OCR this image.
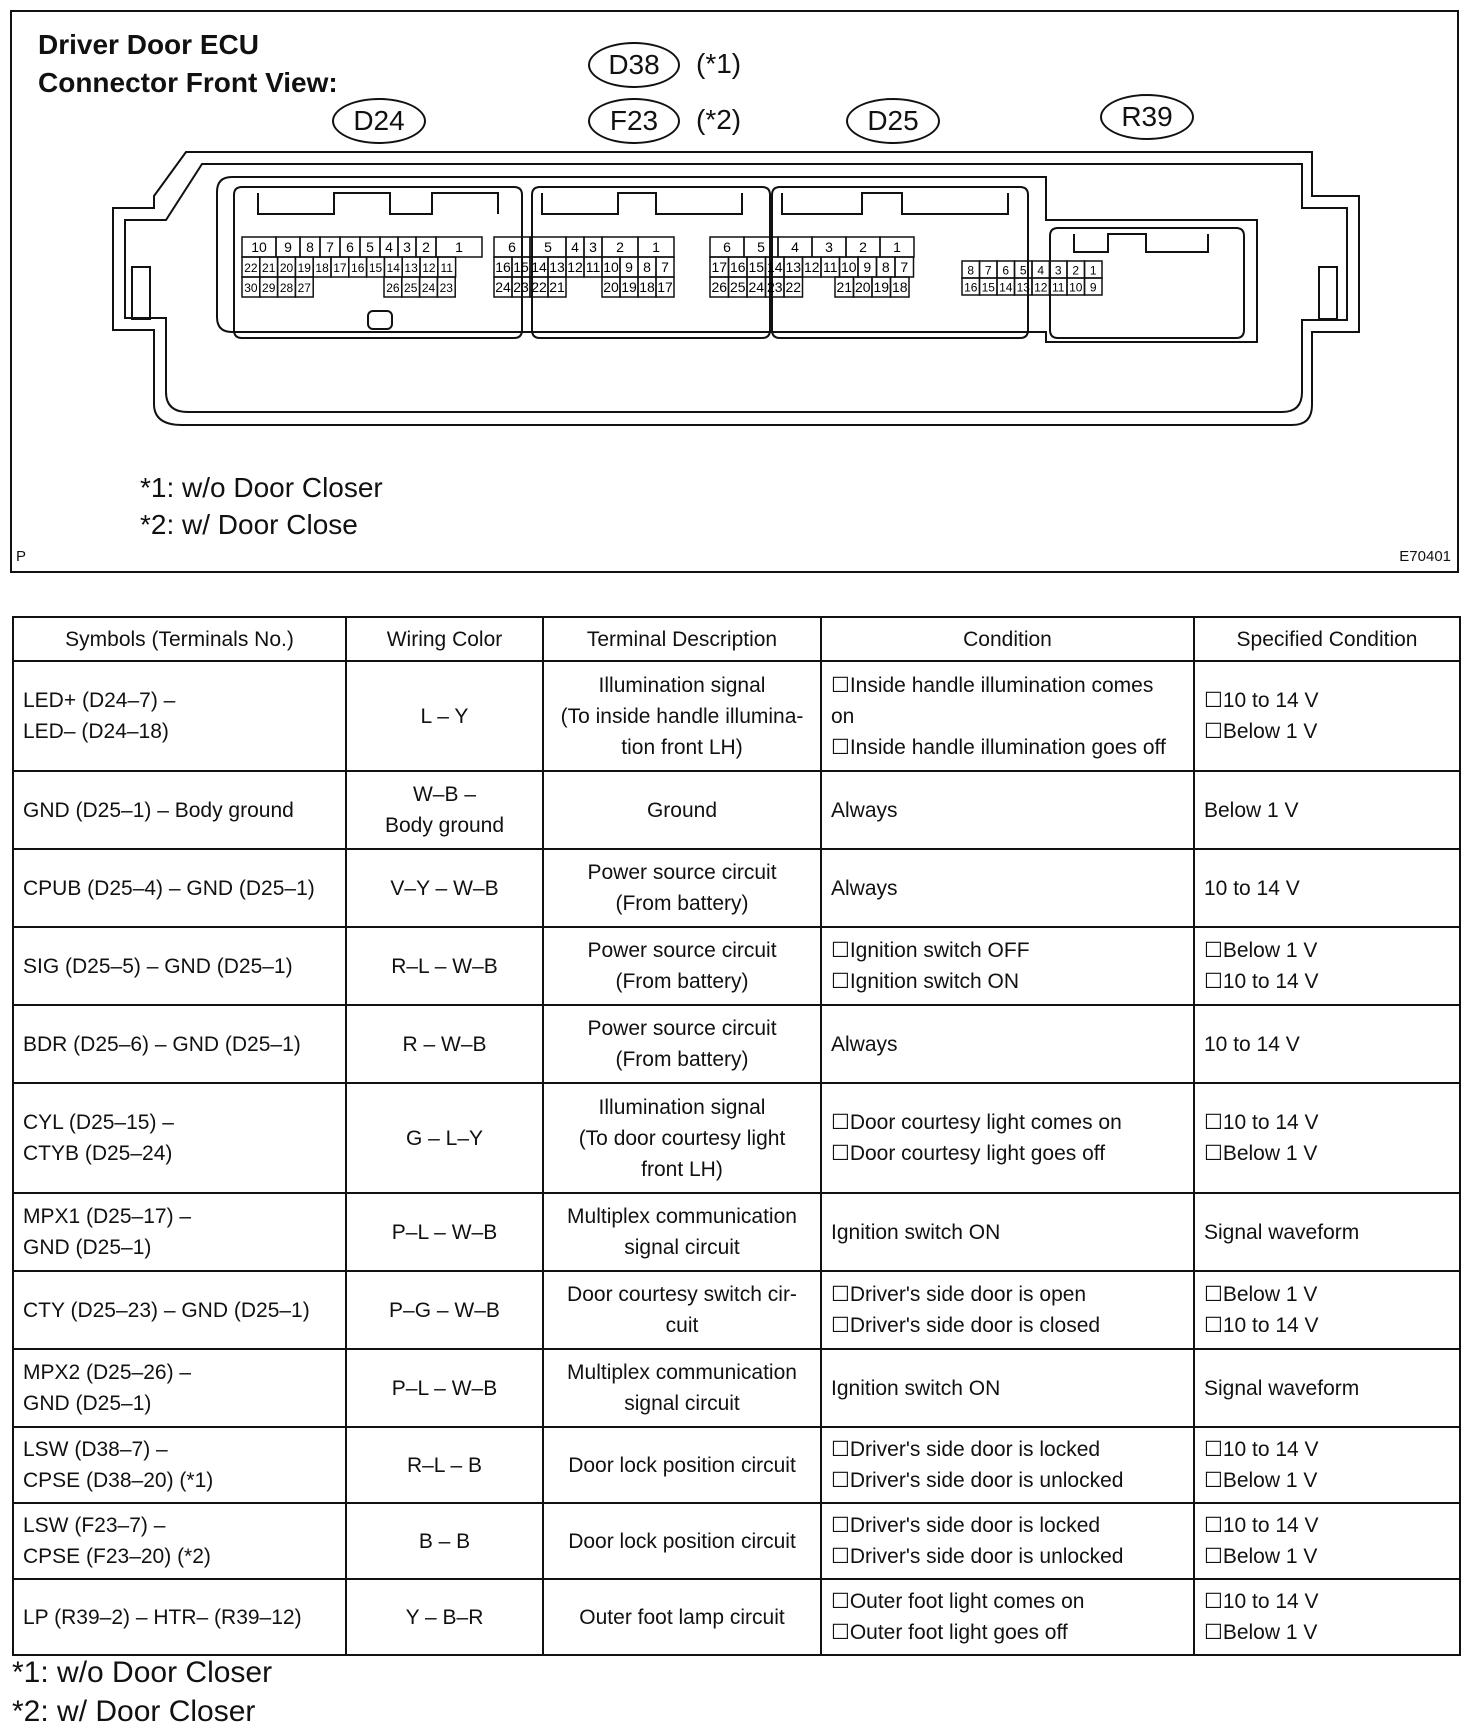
10 9 8 7 6 5 4 3 2 1
22 21 20 19 18 17 16 15 14 13 12 11
30 29 28 27	26 25 24 23
6 5 4 3 2 1
16 15 14 13 12 11 10 9 8 7
24 23 22 21	20 19 18 17
6 5 4 3 2 1
17 16 15 14 13 12 11 10 9 8 7
26 25 24 23 22	21 20 19 18
8 7 6 5 4 3 2 1
16 15 14 13 12 11 10 9
Driver Door ECU
Connector Front View:
D24
D38
F23	D25	R39
(*1)
(*2)
*1: w/o Door Closer
*2: w/ Door Close
P	E70401
Symbols (Terminals No.)	Wiring Color	Terminal Description	Condition	Specified Condition

LED+ (D24–7) –
LED– (D24–18)	L – Y	Illumination signal
(To inside handle illumina-
tion front LH)	☐Inside handle illumination comes
on
☐Inside handle illumination goes off	☐10 to 14 V
☐Below 1 V

GND (D25–1) – Body ground	W–B –
Body ground	Ground	Always	Below 1 V

CPUB (D25–4) – GND (D25–1)	V–Y – W–B	Power source circuit
(From battery)	Always	10 to 14 V

SIG (D25–5) – GND (D25–1)	R–L – W–B	Power source circuit
(From battery)	☐Ignition switch OFF
☐Ignition switch ON	☐Below 1 V
☐10 to 14 V

BDR (D25–6) – GND (D25–1)	R – W–B	Power source circuit
(From battery)	Always	10 to 14 V

CYL (D25–15) –
CTYB (D25–24)	G – L–Y	Illumination signal
(To door courtesy light
front LH)	☐Door courtesy light comes on
☐Door courtesy light goes off	☐10 to 14 V
☐Below 1 V

MPX1 (D25–17) –
GND (D25–1)	P–L – W–B	Multiplex communication
signal circuit	Ignition switch ON	Signal waveform

CTY (D25–23) – GND (D25–1)	P–G – W–B	Door courtesy switch cir-
cuit	☐Driver's side door is open
☐Driver's side door is closed	☐Below 1 V
☐10 to 14 V

MPX2 (D25–26) –
GND (D25–1)	P–L – W–B	Multiplex communication
signal circuit	Ignition switch ON	Signal waveform

LSW (D38–7) –
CPSE (D38–20) (*1)	R–L – B	Door lock position circuit	☐Driver's side door is locked
☐Driver's side door is unlocked	☐10 to 14 V
☐Below 1 V

LSW (F23–7) –
CPSE (F23–20) (*2)	B – B	Door lock position circuit	☐Driver's side door is locked
☐Driver's side door is unlocked	☐10 to 14 V
☐Below 1 V

LP (R39–2) – HTR– (R39–12)	Y – B–R	Outer foot lamp circuit	☐Outer foot light comes on
☐Outer foot light goes off	☐10 to 14 V
☐Below 1 V
*1: w/o Door Closer
*2: w/ Door Closer
